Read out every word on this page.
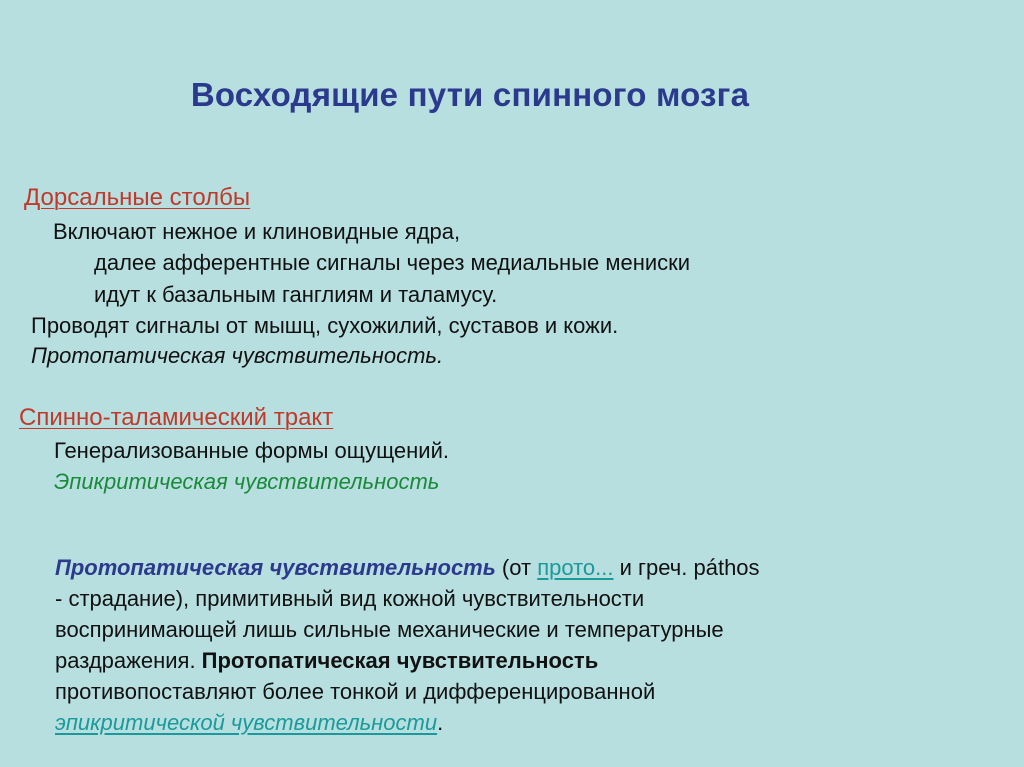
Восходящие пути спинного мозга
Дорсальные столбы
Включают нежное и клиновидные ядра,
далее афферентные сигналы через медиальные мениски
идут к базальным ганглиям и таламусу.
Проводят сигналы от мышц, сухожилий, суставов и кожи.
Протопатическая чувствительность.
Спинно-таламический тракт
Генерализованные формы ощущений.
Эпикритическая чувствительность
Протопатическая чувствительность (от прото... и греч. páthos
- страдание), примитивный вид кожной чувствительности
воспринимающей лишь сильные механические и температурные
раздражения. Протопатическая чувствительность
противопоставляют более тонкой и дифференцированной
эпикритической чувствительности.
